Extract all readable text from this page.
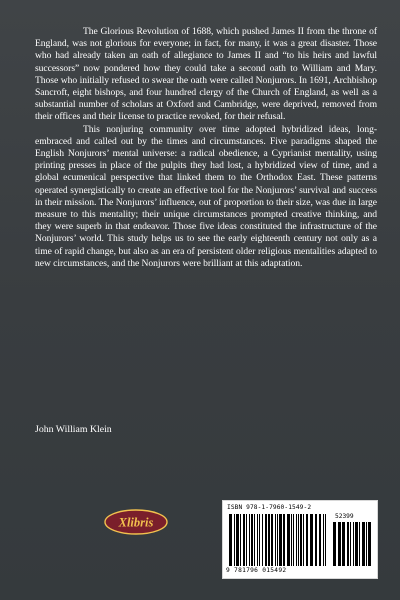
The Glorious Revolution of 1688, which pushed James II from the throne of England, was not glorious for everyone; in fact, for many, it was a great disaster. Those who had already taken an oath of allegiance to James II and “to his heirs and lawful successors” now pondered how they could take a second oath to William and Mary. Those who initially refused to swear the oath were called Nonjurors. In 1691, Archbishop Sancroft, eight bishops, and four hundred clergy of the Church of England, as well as a substantial number of scholars at Oxford and Cambridge, were deprived, removed from their offices and their license to practice revoked, for their refusal.

This nonjuring community over time adopted hybridized ideas, long-embraced and called out by the times and circumstances. Five paradigms shaped the English Nonjurors’ mental universe: a radical obedience, a Cyprianist mentality, using printing presses in place of the pulpits they had lost, a hybridized view of time, and a global ecumenical perspective that linked them to the Orthodox East. These patterns operated synergistically to create an effective tool for the Nonjurors’ survival and success in their mission. The Nonjurors’ influence, out of proportion to their size, was due in large measure to this mentality; their unique circumstances prompted creative thinking, and they were superb in that endeavor. Those five ideas constituted the infrastructure of the Nonjurors’ world. This study helps us to see the early eighteenth century not only as a time of rapid change, but also as an era of persistent older religious mentalities adapted to new circumstances, and the Nonjurors were brilliant at this adaptation.

John William Klein
Xlibris
ISBN 978-1-7960-1549-2
52399
9 781796 015492
